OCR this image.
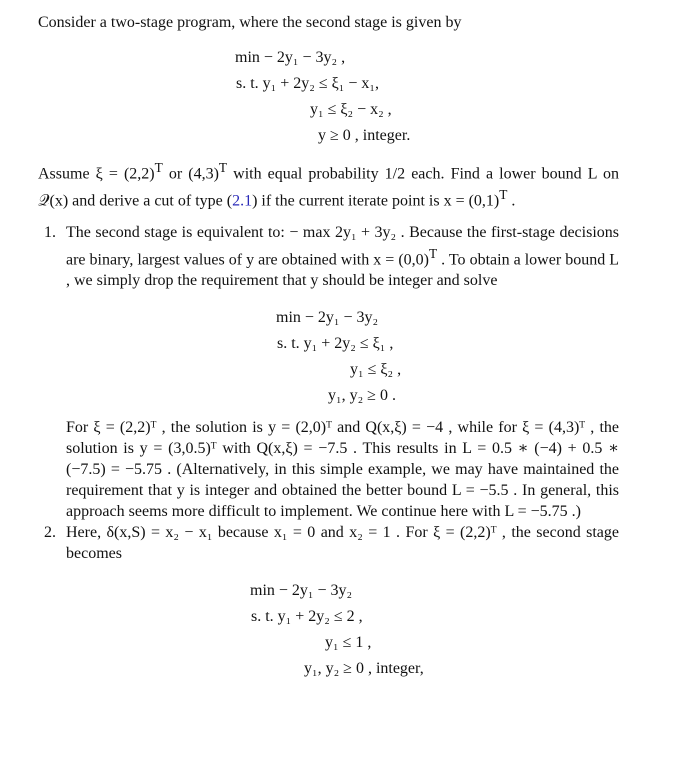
Consider a two-stage program, where the second stage is given by

min − 2y₁ − 3y₂ ,
s. t. y₁ + 2y₂ ≤ ξ₁ − x₁,
y₁ ≤ ξ₂ − x₂ ,
y ≥ 0 , integer.

Assume $\xi = (2,2)^T$ or $(4,3)^T$ with equal probability 1/2 each. Find a lower bound L on 𝒬(x) and derive a cut of type (2.1) if the current iterate point is $x = (0,1)^T$ .

1. The second stage is equivalent to: − max 2y₁ + 3y₂ . Because the first-stage decisions are binary, largest values of y are obtained with $x = (0,0)^T$ . To obtain a lower bound L , we simply drop the requirement that y should be integer and solve

min − 2y₁ − 3y₂
s. t. y₁ + 2y₂ ≤ ξ₁ ,
y₁ ≤ ξ₂ ,
y₁, y₂ ≥ 0 .

For ξ = (2,2)ᵀ , the solution is y = (2,0)ᵀ and Q(x,ξ) = −4 , while for ξ = (4,3)ᵀ , the solution is y = (3,0.5)ᵀ with Q(x,ξ) = −7.5 . This results in L = 0.5 ∗ (−4) + 0.5 ∗ (−7.5) = −5.75 . (Alternatively, in this simple example, we may have maintained the requirement that y is integer and obtained the better bound L = −5.5 . In general, this approach seems more difficult to implement. We continue here with L = −5.75 .)

2. Here, δ(x,S) = x₂ − x₁ because x₁ = 0 and x₂ = 1 . For ξ = (2,2)ᵀ , the second stage becomes

min − 2y₁ − 3y₂
s. t. y₁ + 2y₂ ≤ 2 ,
y₁ ≤ 1 ,
y₁, y₂ ≥ 0 , integer,
